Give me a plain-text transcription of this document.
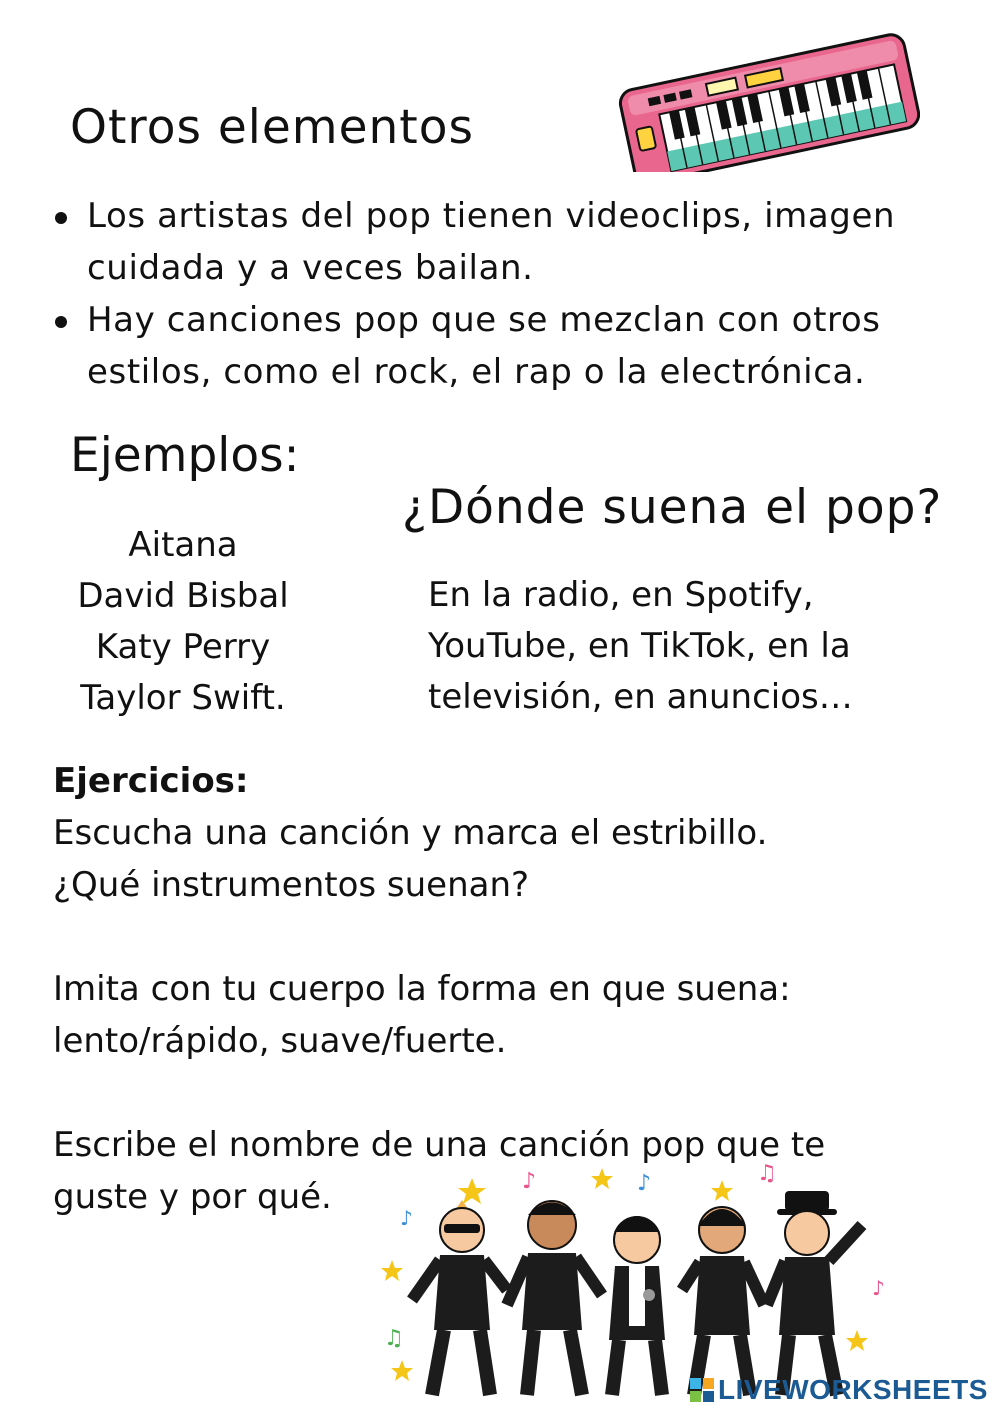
Otros elementos
Los artistas del pop tienen videoclips, imagen cuidada y a veces bailan.
Hay canciones pop que se mezclan con otros estilos, como el rock, el rap o la electrónica.
Ejemplos:
Aitana
David Bisbal
Katy Perry
Taylor Swift.
¿Dónde suena el pop?
En la radio, en Spotify, YouTube, en TikTok, en la televisión, en anuncios…

Ejercicios:

Escucha una canción y marca el estribillo.

¿Qué instrumentos suenan?

Imita con tu cuerpo la forma en que suena:

lento/rápido, suave/fuerte.

Escribe el nombre de una canción pop que te

guste y por qué.	♪	♪	♫
♪
♫
♪
LIVEWORKSHEETS
